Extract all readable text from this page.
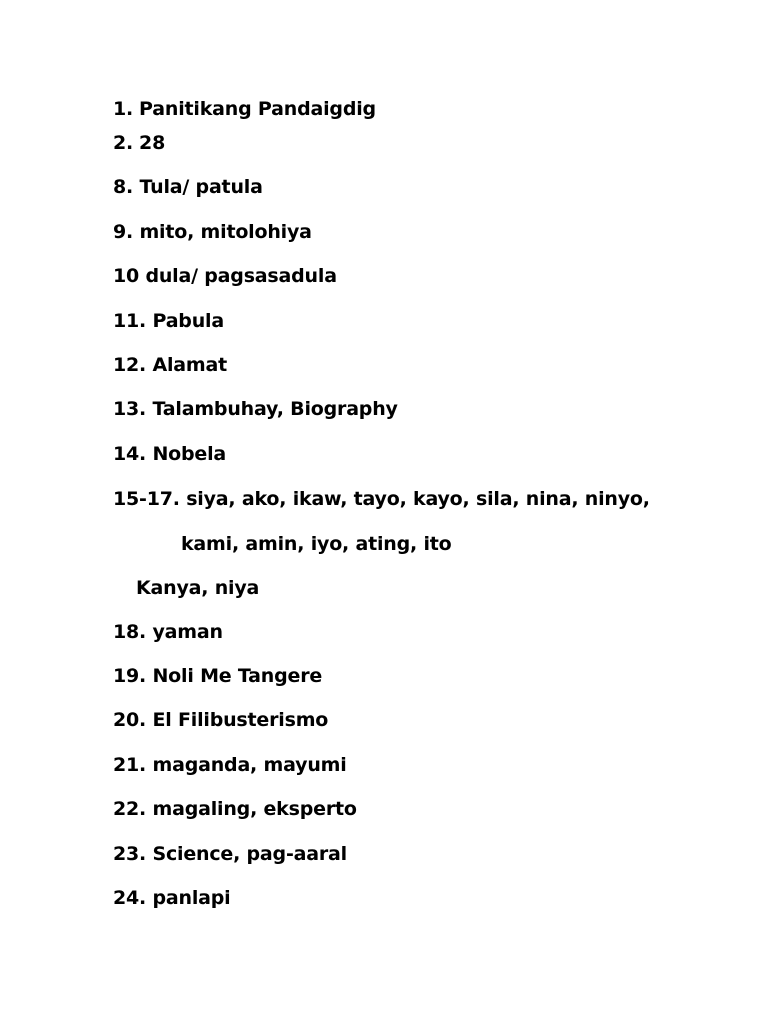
1. Panitikang Pandaigdig
2. 28
8. Tula/ patula
9. mito, mitolohiya
10 dula/ pagsasadula
11. Pabula
12. Alamat
13. Talambuhay, Biography
14. Nobela
15-17. siya, ako, ikaw, tayo, kayo, sila, nina, ninyo,
kami, amin, iyo, ating, ito
Kanya, niya
18. yaman
19. Noli Me Tangere
20. El Filibusterismo
21. maganda, mayumi
22. magaling, eksperto
23. Science, pag-aaral
24. panlapi
